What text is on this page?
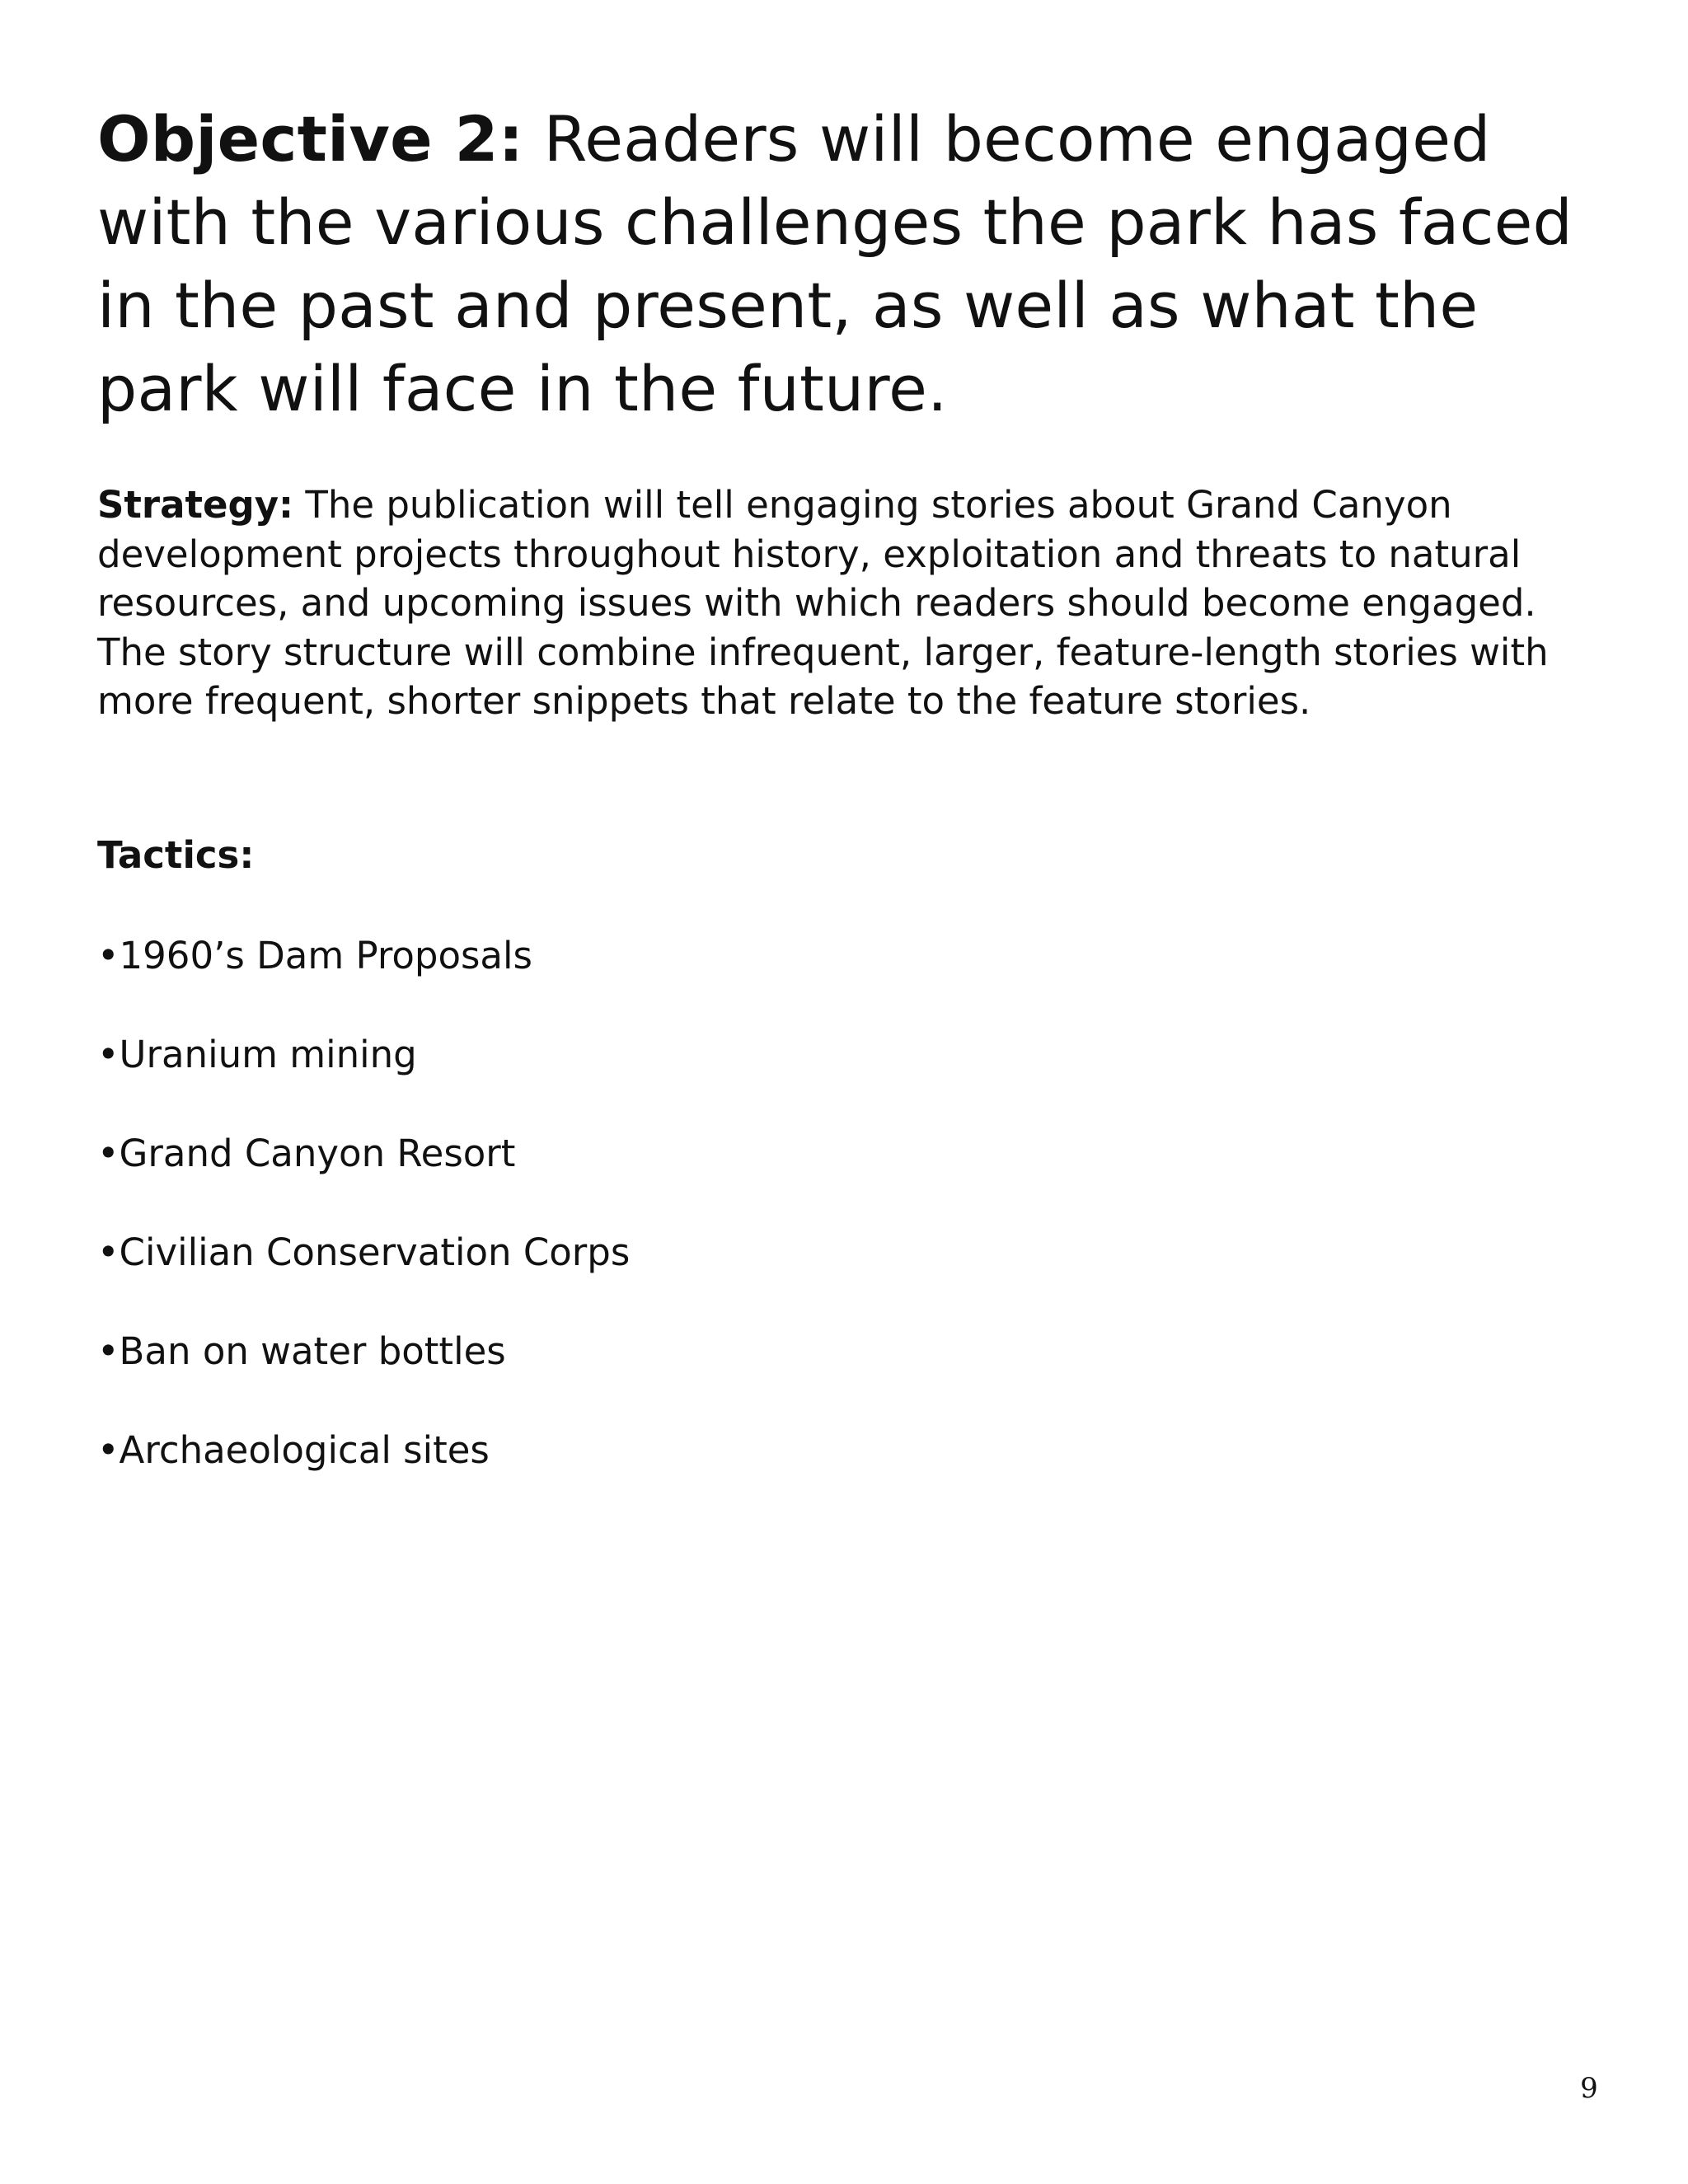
Objective 2: Readers will become engaged with the various challenges the park has faced in the past and present, as well as what the park will face in the future.

Strategy: The publication will tell engaging stories about Grand Canyon development projects throughout history, exploitation and threats to natural resources, and upcoming issues with which readers should become engaged. The story structure will combine infrequent, larger, feature-length stories with more frequent, shorter snippets that relate to the feature stories.

Tactics:

•1960’s Dam Proposals
•Uranium mining
•Grand Canyon Resort
•Civilian Conservation Corps
•Ban on water bottles
•Archaeological sites
9
